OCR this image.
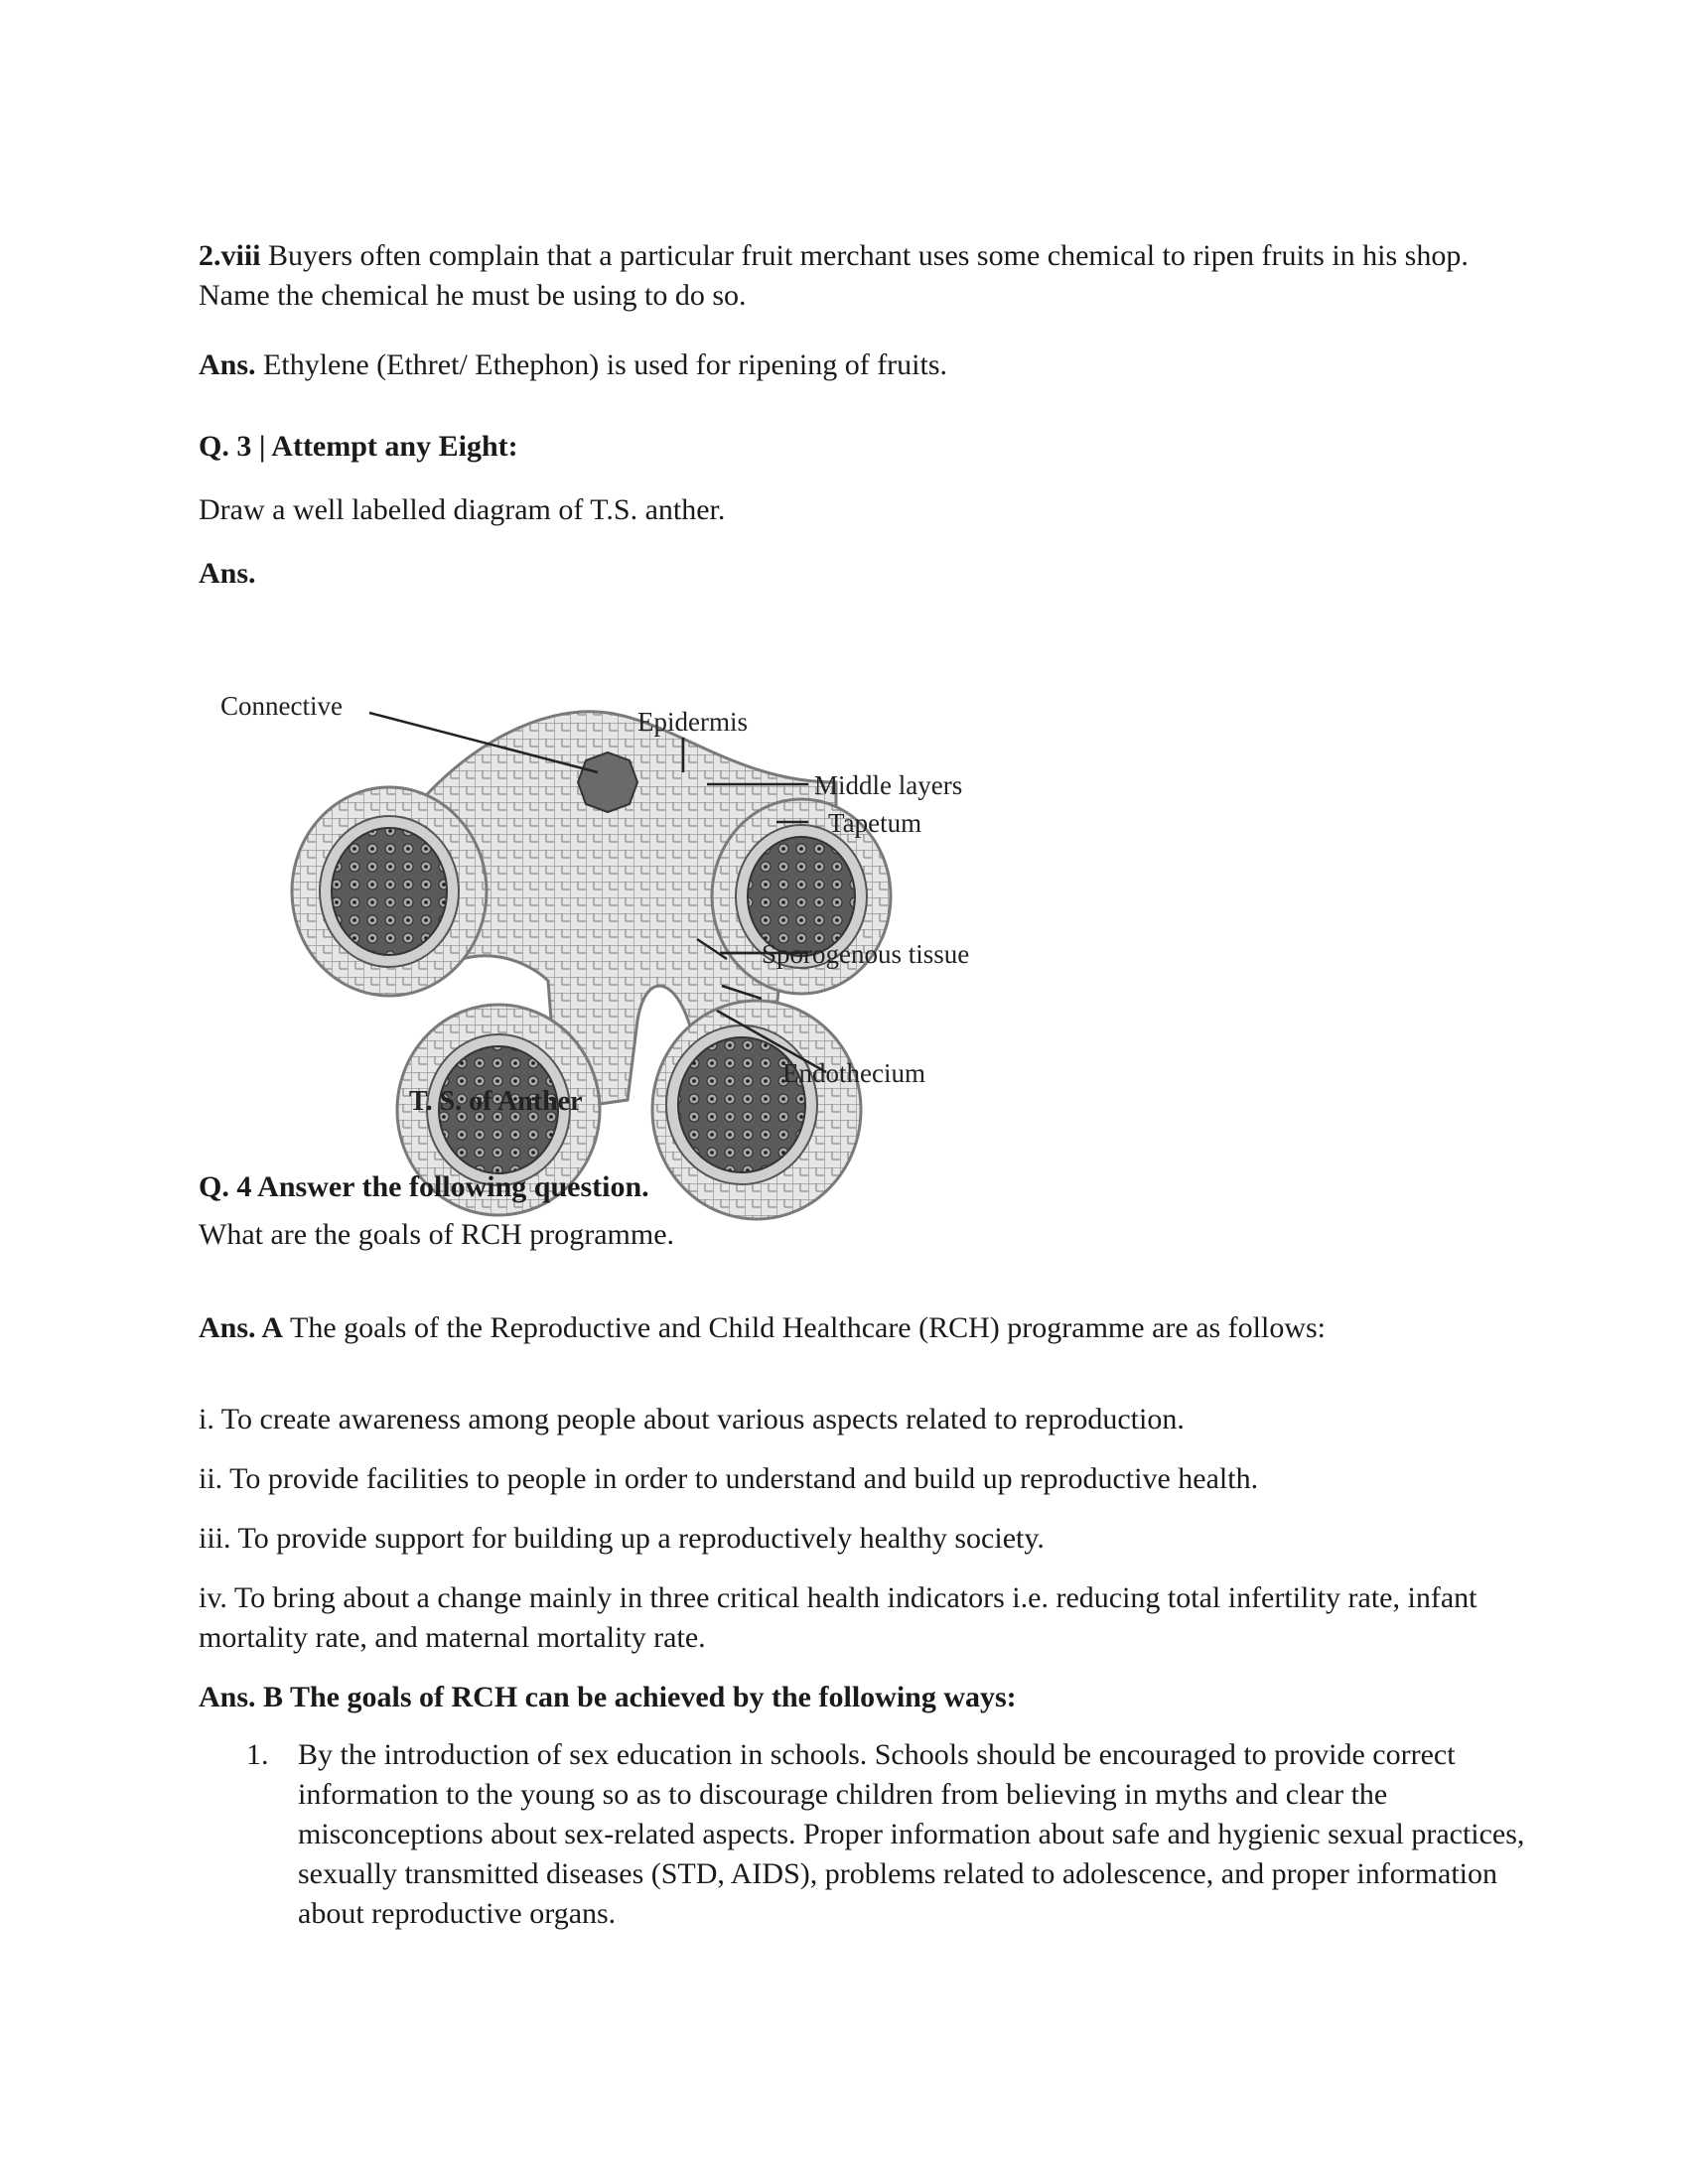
2.viii Buyers often complain that a particular fruit merchant uses some chemical to ripen fruits in his shop. Name the chemical he must be using to do so.

Ans. Ethylene (Ethret/ Ethephon) is used for ripening of fruits.

Q. 3 | Attempt any Eight:

Draw a well labelled diagram of T.S. anther.

Ans.

Connective
Epidermis
Middle layers
Tapetum
Sporogenous tissue
Endothecium
T. S. of Anther

Q. 4 Answer the following question.

What are the goals of RCH programme.

Ans. A The goals of the Reproductive and Child Healthcare (RCH) programme are as follows:

i. To create awareness among people about various aspects related to reproduction.

ii. To provide facilities to people in order to understand and build up reproductive health.

iii. To provide support for building up a reproductively healthy society.

iv. To bring about a change mainly in three critical health indicators i.e. reducing total infertility rate, infant mortality rate, and maternal mortality rate.

Ans. B The goals of RCH can be achieved by the following ways:

1. By the introduction of sex education in schools. Schools should be encouraged to provide correct information to the young so as to discourage children from believing in myths and clear the misconceptions about sex-related aspects. Proper information about safe and hygienic sexual practices, sexually transmitted diseases (STD, AIDS), problems related to adolescence, and proper information about reproductive organs.
